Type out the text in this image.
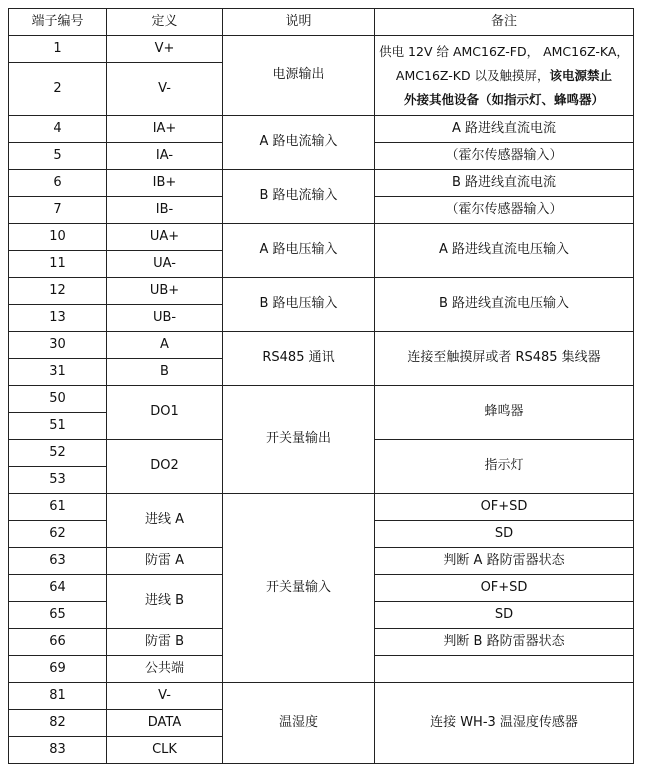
端子编号	定义	说明	备注
1	V+	电源输出	供电 12V 给 AMC16Z-FD， AMC16Z-KA，
AMC16Z-KD 以及触摸屏，该电源禁止
外接其他设备（如指示灯、蜂鸣器）

2	V-		
4	IA+	A 路电流输入	A 路进线直流电流
5	IA-		（霍尔传感器输入）
6	IB+	B 路电流输入	B 路进线直流电流
7	IB-		（霍尔传感器输入）
10	UA+	A 路电压输入	A 路进线直流电压输入
11	UA-		
12	UB+	B 路电压输入	B 路进线直流电压输入
13	UB-		
30	A	RS485 通讯	连接至触摸屏或者 RS485 集线器
31	B		
50	DO1	开关量输出	蜂鸣器
51			
52	DO2		指示灯
53			
61	进线 A	开关量输入	OF+SD
62			SD
63	防雷 A		判断 A 路防雷器状态
64	进线 B		OF+SD
65			SD
66	防雷 B		判断 B 路防雷器状态
69	公共端		
81	V-	温湿度	连接 WH-3 温湿度传感器
82	DATA		
83	CLK		
